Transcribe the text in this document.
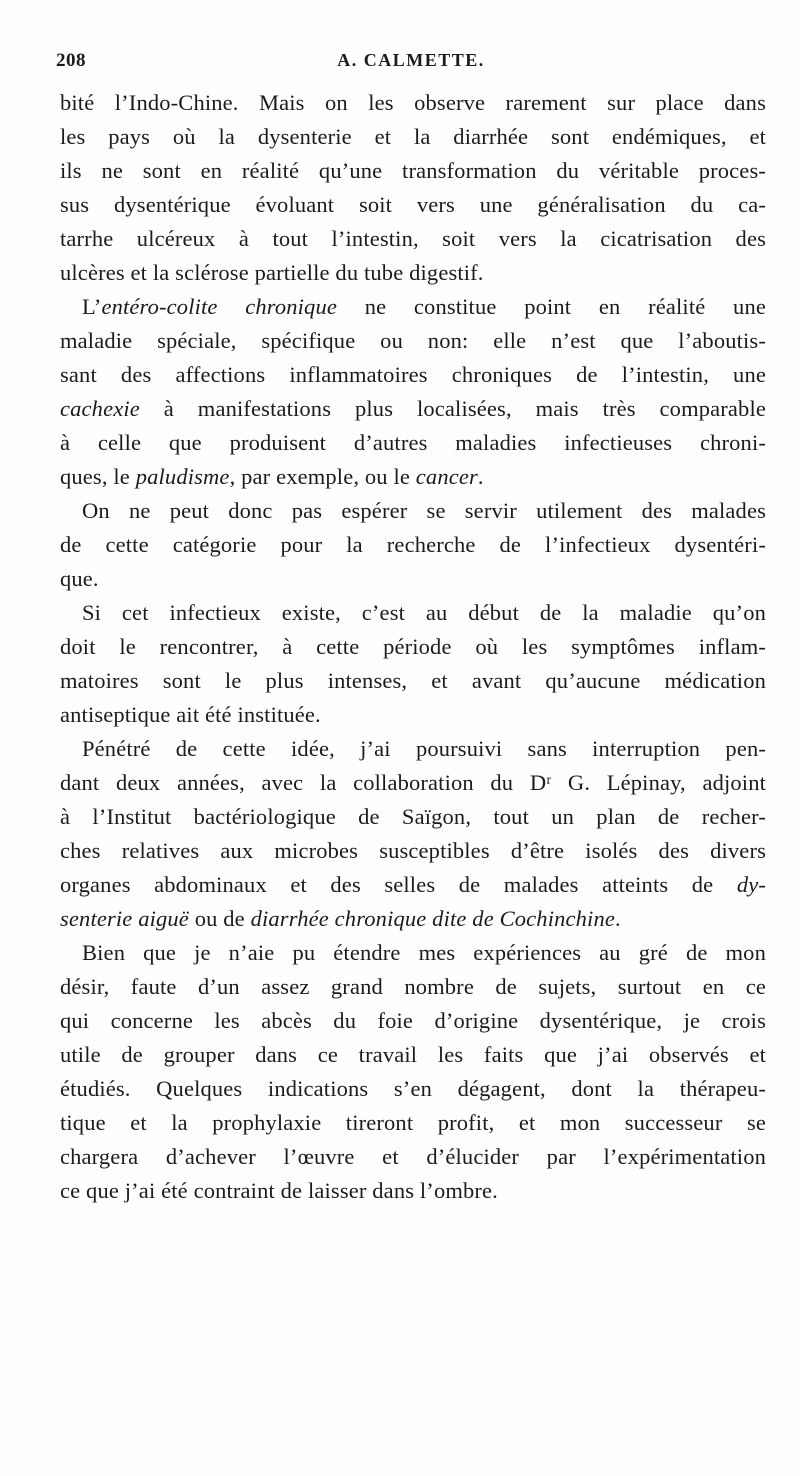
208	A. CALMETTE.
bité l’Indo-Chine. Mais on les observe rarement sur place dans
les pays où la dysenterie et la diarrhée sont endémiques, et
ils ne sont en réalité qu’une transformation du véritable proces-
sus dysentérique évoluant soit vers une généralisation du ca-
tarrhe ulcéreux à tout l’intestin, soit vers la cicatrisation des
ulcères et la sclérose partielle du tube digestif.
L’entéro-colite chronique ne constitue point en réalité une
maladie spéciale, spécifique ou non: elle n’est que l’aboutis-
sant des affections inflammatoires chroniques de l’intestin, une
cachexie à manifestations plus localisées, mais très comparable
à celle que produisent d’autres maladies infectieuses chroni-
ques, le paludisme, par exemple, ou le cancer.
On ne peut donc pas espérer se servir utilement des malades
de cette catégorie pour la recherche de l’infectieux dysentéri-
que.
Si cet infectieux existe, c’est au début de la maladie qu’on
doit le rencontrer, à cette période où les symptômes inflam-
matoires sont le plus intenses, et avant qu’aucune médication
antiseptique ait été instituée.
Pénétré de cette idée, j’ai poursuivi sans interruption pen-
dant deux années, avec la collaboration du Dʳ G. Lépinay, adjoint
à l’Institut bactériologique de Saïgon, tout un plan de recher-
ches relatives aux microbes susceptibles d’être isolés des divers
organes abdominaux et des selles de malades atteints de dy-
senterie aiguë ou de diarrhée chronique dite de Cochinchine.
Bien que je n’aie pu étendre mes expériences au gré de mon
désir, faute d’un assez grand nombre de sujets, surtout en ce
qui concerne les abcès du foie d’origine dysentérique, je crois
utile de grouper dans ce travail les faits que j’ai observés et
étudiés. Quelques indications s’en dégagent, dont la thérapeu-
tique et la prophylaxie tireront profit, et mon successeur se
chargera d’achever l’œuvre et d’élucider par l’expérimentation
ce que j’ai été contraint de laisser dans l’ombre.
